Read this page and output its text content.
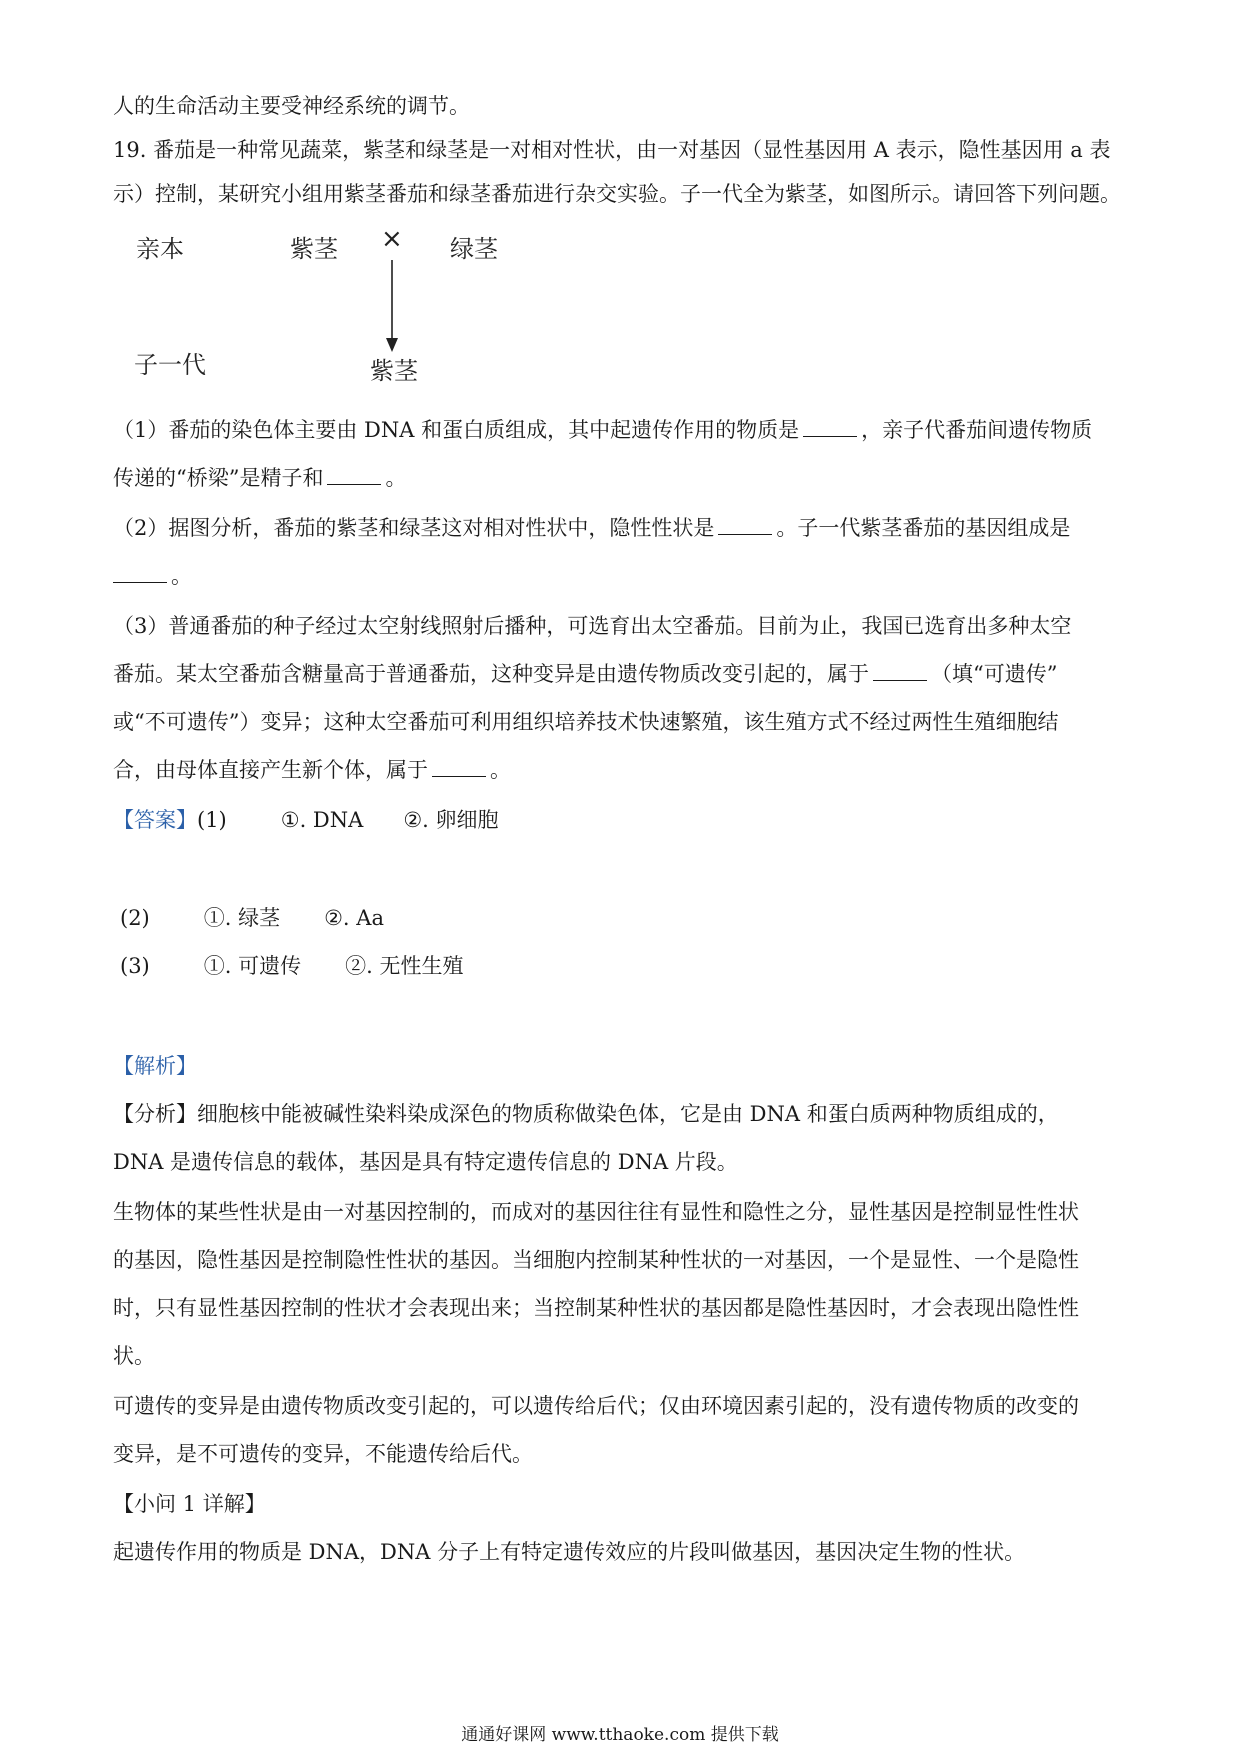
人的生命活动主要受神经系统的调节。
19. 番茄是一种常见蔬菜，紫茎和绿茎是一对相对性状，由一对基因（显性基因用 A 表示，隐性基因用 a 表
示）控制，某研究小组用紫茎番茄和绿茎番茄进行杂交实验。子一代全为紫茎，如图所示。请回答下列问题。
亲本	紫茎 × 绿茎
子一代	紫茎
（1）番茄的染色体主要由 DNA 和蛋白质组成，其中起遗传作用的物质是	，亲子代番茄间遗传物质
传递的“桥梁”是精子和	。
（2）据图分析，番茄的紫茎和绿茎这对相对性状中，隐性性状是	。子一代紫茎番茄的基因组成是
。
（3）普通番茄的种子经过太空射线照射后播种，可选育出太空番茄。目前为止，我国已选育出多种太空
番茄。某太空番茄含糖量高于普通番茄，这种变异是由遗传物质改变引起的，属于	（填“可遗传”
或“不可遗传”）变异；这种太空番茄可利用组织培养技术快速繁殖，该生殖方式不经过两性生殖细胞结
合，由母体直接产生新个体，属于	。
【答案】(1)	①. DNA ②. 卵细胞
(2)	①. 绿茎 ②. Aa
(3)	①. 可遗传 ②. 无性生殖
【解析】
【分析】细胞核中能被碱性染料染成深色的物质称做染色体，它是由 DNA 和蛋白质两种物质组成的，
DNA 是遗传信息的载体，基因是具有特定遗传信息的 DNA 片段。
生物体的某些性状是由一对基因控制的，而成对的基因往往有显性和隐性之分，显性基因是控制显性性状
的基因，隐性基因是控制隐性性状的基因。当细胞内控制某种性状的一对基因，一个是显性、一个是隐性
时，只有显性基因控制的性状才会表现出来；当控制某种性状的基因都是隐性基因时，才会表现出隐性性
状。
可遗传的变异是由遗传物质改变引起的，可以遗传给后代；仅由环境因素引起的，没有遗传物质的改变的
变异，是不可遗传的变异，不能遗传给后代。
【小问 1 详解】
起遗传作用的物质是 DNA，DNA 分子上有特定遗传效应的片段叫做基因，基因决定生物的性状。
通通好课网 www.tthaoke.com 提供下载
